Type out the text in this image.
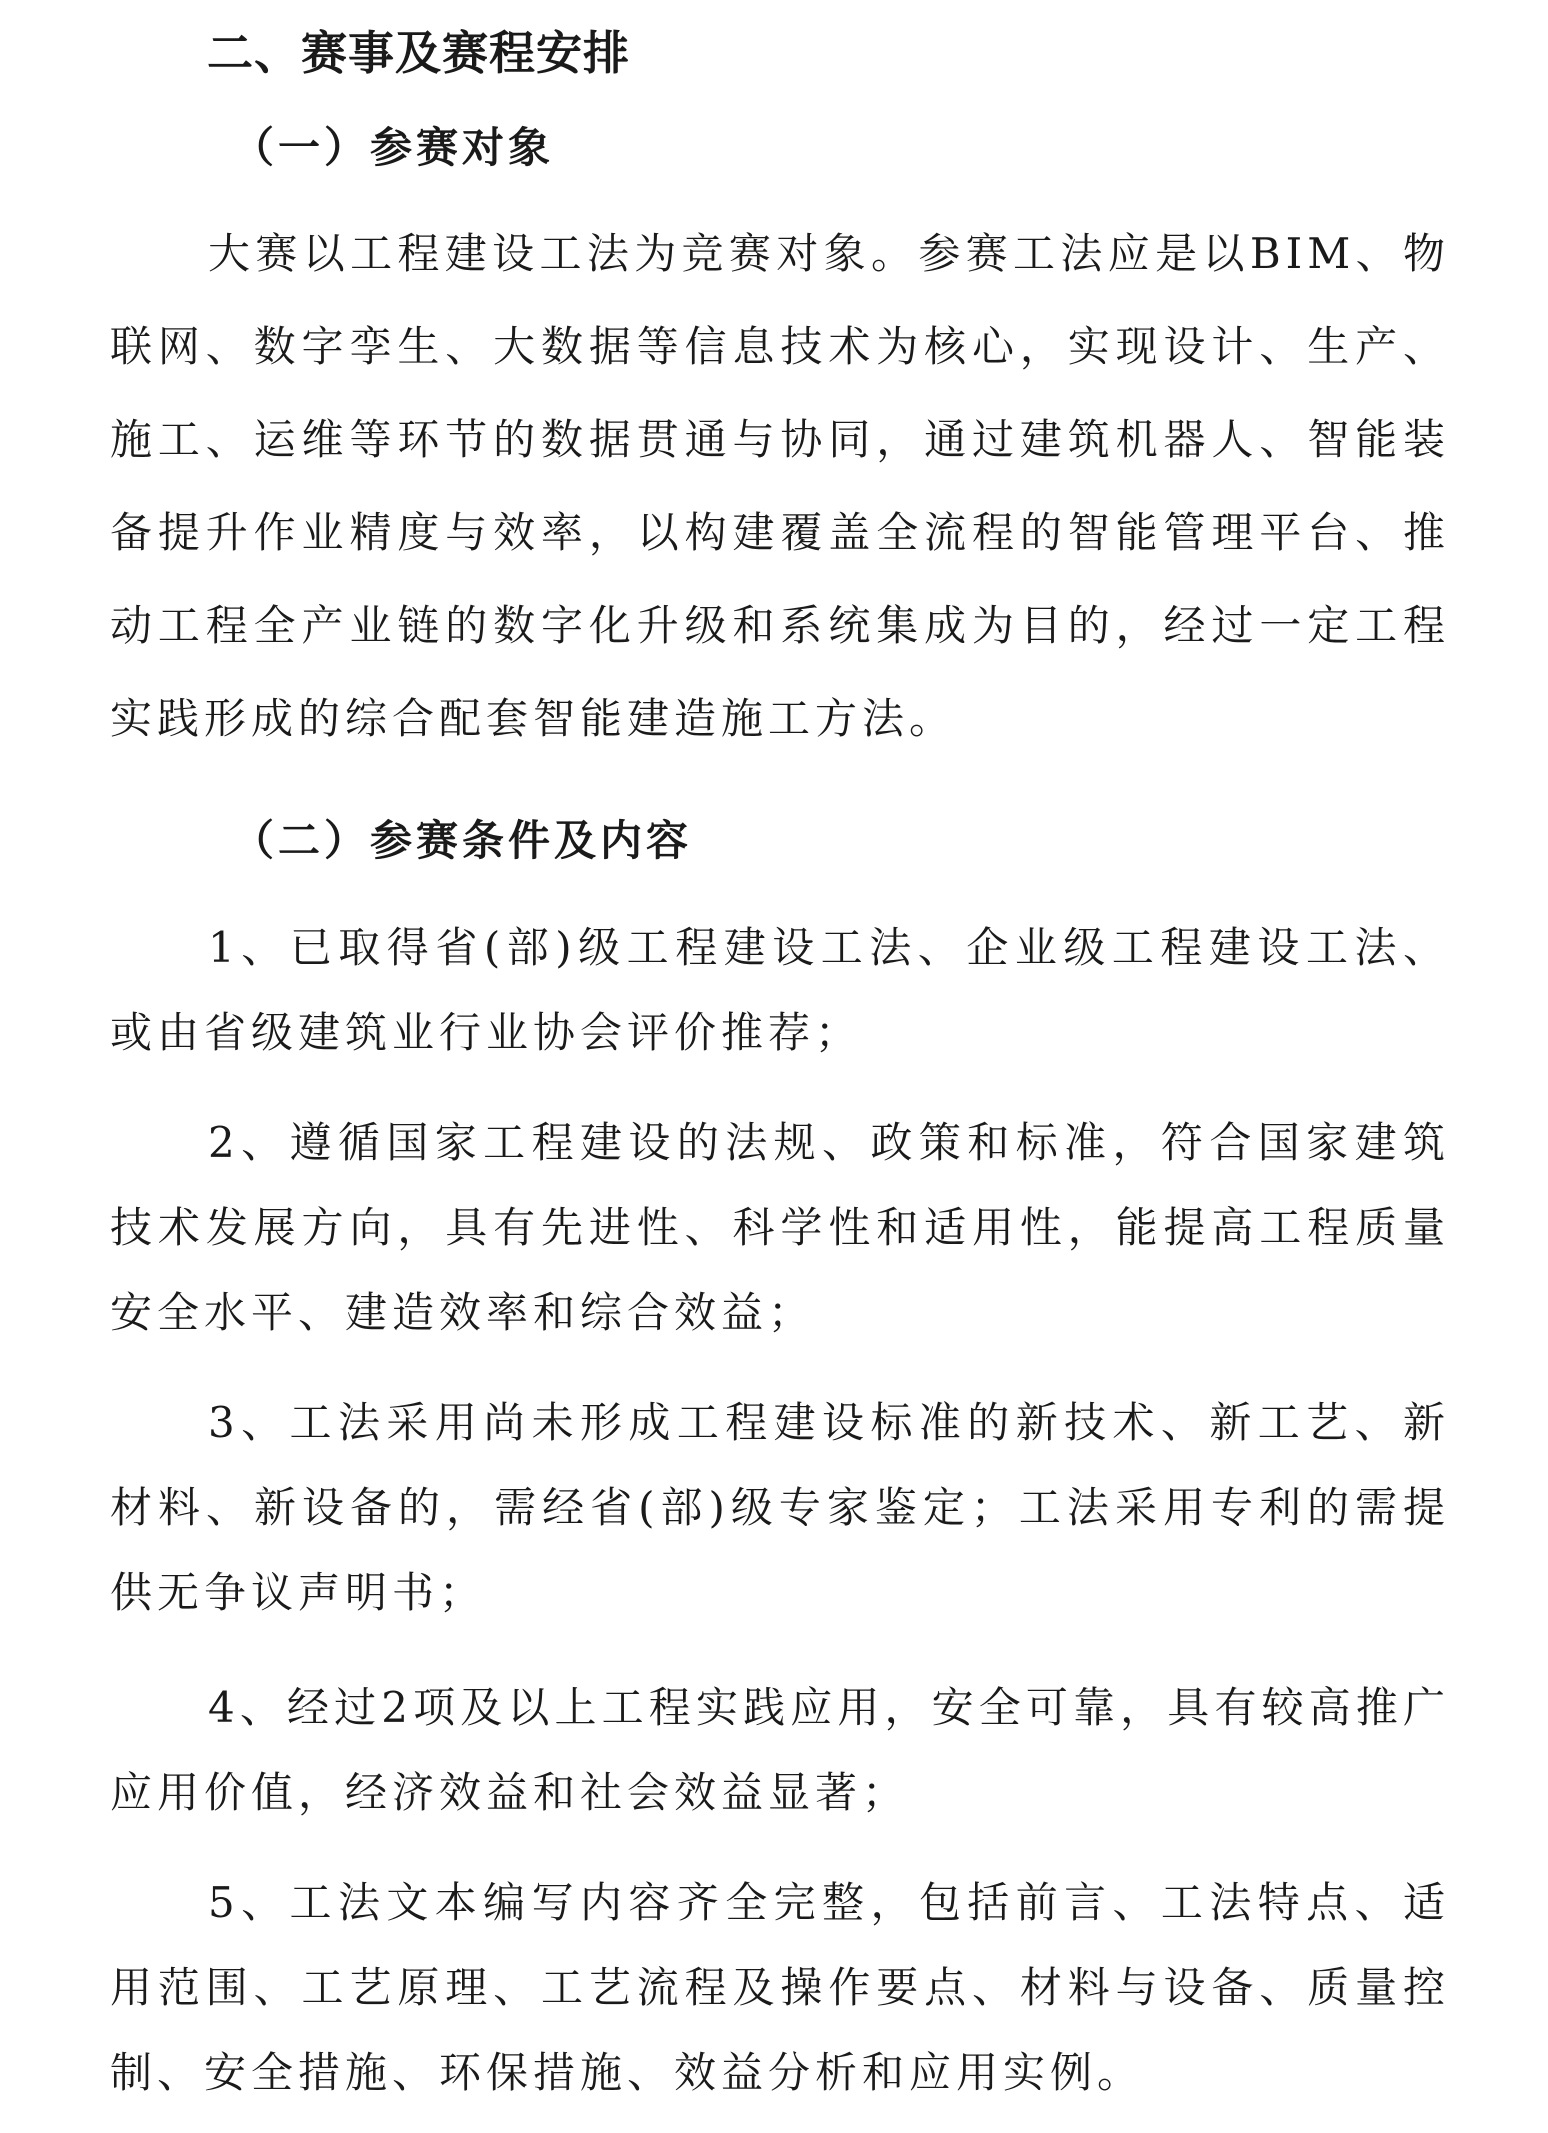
二、赛事及赛程安排
（一）参赛对象

大赛以工程建设工法为竞赛对象。参赛工法应是以BIM、物联网、数字孪生、大数据等信息技术为核心，实现设计、生产、施工、运维等环节的数据贯通与协同，通过建筑机器人、智能装备提升作业精度与效率，以构建覆盖全流程的智能管理平台、推动工程全产业链的数字化升级和系统集成为目的，经过一定工程实践形成的综合配套智能建造施工方法。

（二）参赛条件及内容

1、已取得省(部)级工程建设工法、企业级工程建设工法、或由省级建筑业行业协会评价推荐；

2、遵循国家工程建设的法规、政策和标准，符合国家建筑技术发展方向，具有先进性、科学性和适用性，能提高工程质量安全水平、建造效率和综合效益；

3、工法采用尚未形成工程建设标准的新技术、新工艺、新材料、新设备的，需经省(部)级专家鉴定；工法采用专利的需提供无争议声明书；

4、经过2项及以上工程实践应用，安全可靠，具有较高推广应用价值，经济效益和社会效益显著；

5、工法文本编写内容齐全完整，包括前言、工法特点、适用范围、工艺原理、工艺流程及操作要点、材料与设备、质量控制、安全措施、环保措施、效益分析和应用实例。
